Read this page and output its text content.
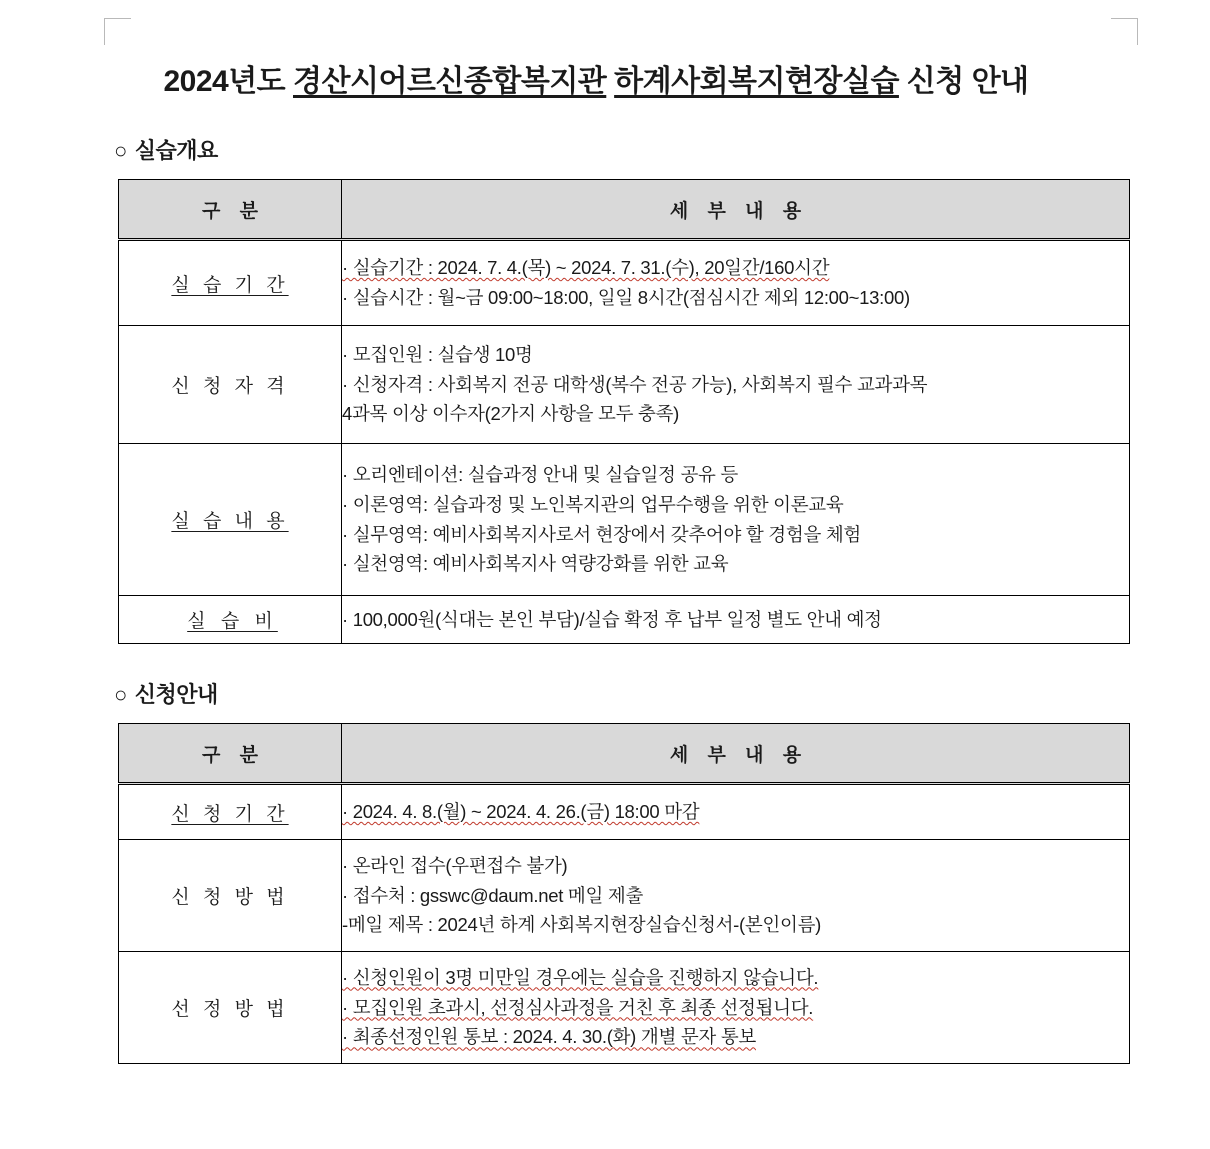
2024년도 경산시어르신종합복지관 하계사회복지현장실습 신청 안내
○ 실습개요
구 분	세 부 내 용
실 습 기 간	· 실습기간 : 2024. 7. 4.(목) ~ 2024. 7. 31.(수), 20일간/160시간
· 실습시간 : 월~금 09:00~18:00, 일일 8시간(점심시간 제외 12:00~13:00)

신 청 자 격	· 모집인원 : 실습생 10명
· 신청자격 : 사회복지 전공 대학생(복수 전공 가능), 사회복지 필수 교과과목
4과목 이상 이수자(2가지 사항을 모두 충족)

실 습 내 용	· 오리엔테이션: 실습과정 안내 및 실습일정 공유 등
· 이론영역: 실습과정 및 노인복지관의 업무수행을 위한 이론교육
· 실무영역: 예비사회복지사로서 현장에서 갖추어야 할 경험을 체험
· 실천영역: 예비사회복지사 역량강화를 위한 교육

실 습 비	· 100,000원(식대는 본인 부담)/실습 확정 후 납부 일정 별도 안내 예정
○ 신청안내
구 분	세 부 내 용
신 청 기 간	· 2024. 4. 8.(월) ~ 2024. 4. 26.(금) 18:00 마감

신 청 방 법	· 온라인 접수(우편접수 불가)
· 접수처 : gsswc@daum.net 메일 제출
-메일 제목 : 2024년 하계 사회복지현장실습신청서-(본인이름)

선 정 방 법	· 신청인원이 3명 미만일 경우에는 실습을 진행하지 않습니다.
· 모집인원 초과시, 선정심사과정을 거친 후 최종 선정됩니다.
· 최종선정인원 통보 : 2024. 4. 30.(화) 개별 문자 통보
